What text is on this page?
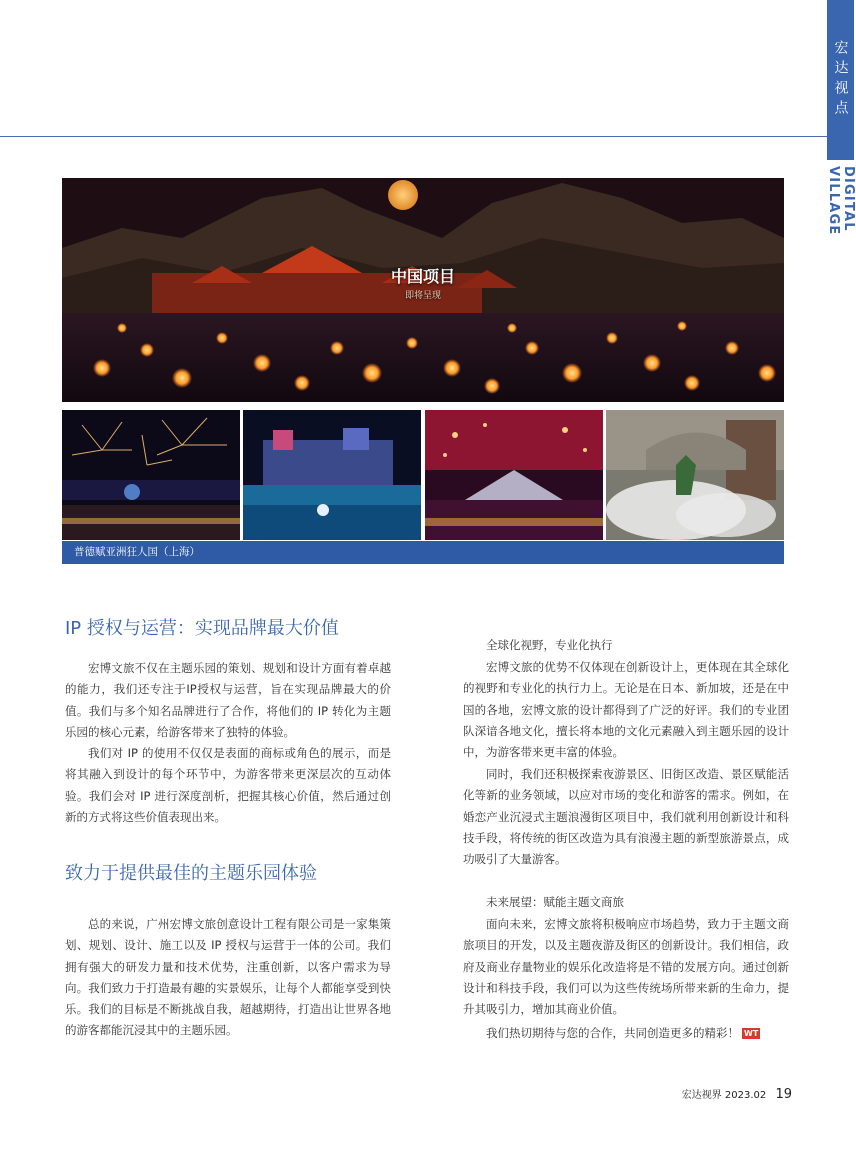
宏达视点
DIGITAL VILLAGE
中国项目
即将呈现
普德赋亚洲狂人国（上海）
IP 授权与运营：实现品牌最大价值

宏博文旅不仅在主题乐园的策划、规划和设计方面有着卓越的能力，我们还专注于IP授权与运营，旨在实现品牌最大的价值。我们与多个知名品牌进行了合作，将他们的 IP 转化为主题乐园的核心元素，给游客带来了独特的体验。

我们对 IP 的使用不仅仅是表面的商标或角色的展示，而是将其融入到设计的每个环节中，为游客带来更深层次的互动体验。我们会对 IP 进行深度剖析，把握其核心价值，然后通过创新的方式将这些价值表现出来。

致力于提供最佳的主题乐园体验

总的来说，广州宏博文旅创意设计工程有限公司是一家集策划、规划、设计、施工以及 IP 授权与运营于一体的公司。我们拥有强大的研发力量和技术优势，注重创新，以客户需求为导向。我们致力于打造最有趣的实景娱乐，让每个人都能享受到快乐。我们的目标是不断挑战自我，超越期待，打造出让世界各地的游客都能沉浸其中的主题乐园。

全球化视野，专业化执行

宏博文旅的优势不仅体现在创新设计上，更体现在其全球化的视野和专业化的执行力上。无论是在日本、新加坡，还是在中国的各地，宏博文旅的设计都得到了广泛的好评。我们的专业团队深谙各地文化，擅长将本地的文化元素融入到主题乐园的设计中，为游客带来更丰富的体验。

同时，我们还积极探索夜游景区、旧街区改造、景区赋能活化等新的业务领域，以应对市场的变化和游客的需求。例如，在婚恋产业沉浸式主题浪漫街区项目中，我们就利用创新设计和科技手段，将传统的街区改造为具有浪漫主题的新型旅游景点，成功吸引了大量游客。

未来展望：赋能主题文商旅

面向未来，宏博文旅将积极响应市场趋势，致力于主题文商旅项目的开发，以及主题夜游及街区的创新设计。我们相信，政府及商业存量物业的娱乐化改造将是不错的发展方向。通过创新设计和科技手段，我们可以为这些传统场所带来新的生命力，提升其吸引力，增加其商业价值。

我们热切期待与您的合作，共同创造更多的精彩！ WT

宏达视界 2023.02 19
